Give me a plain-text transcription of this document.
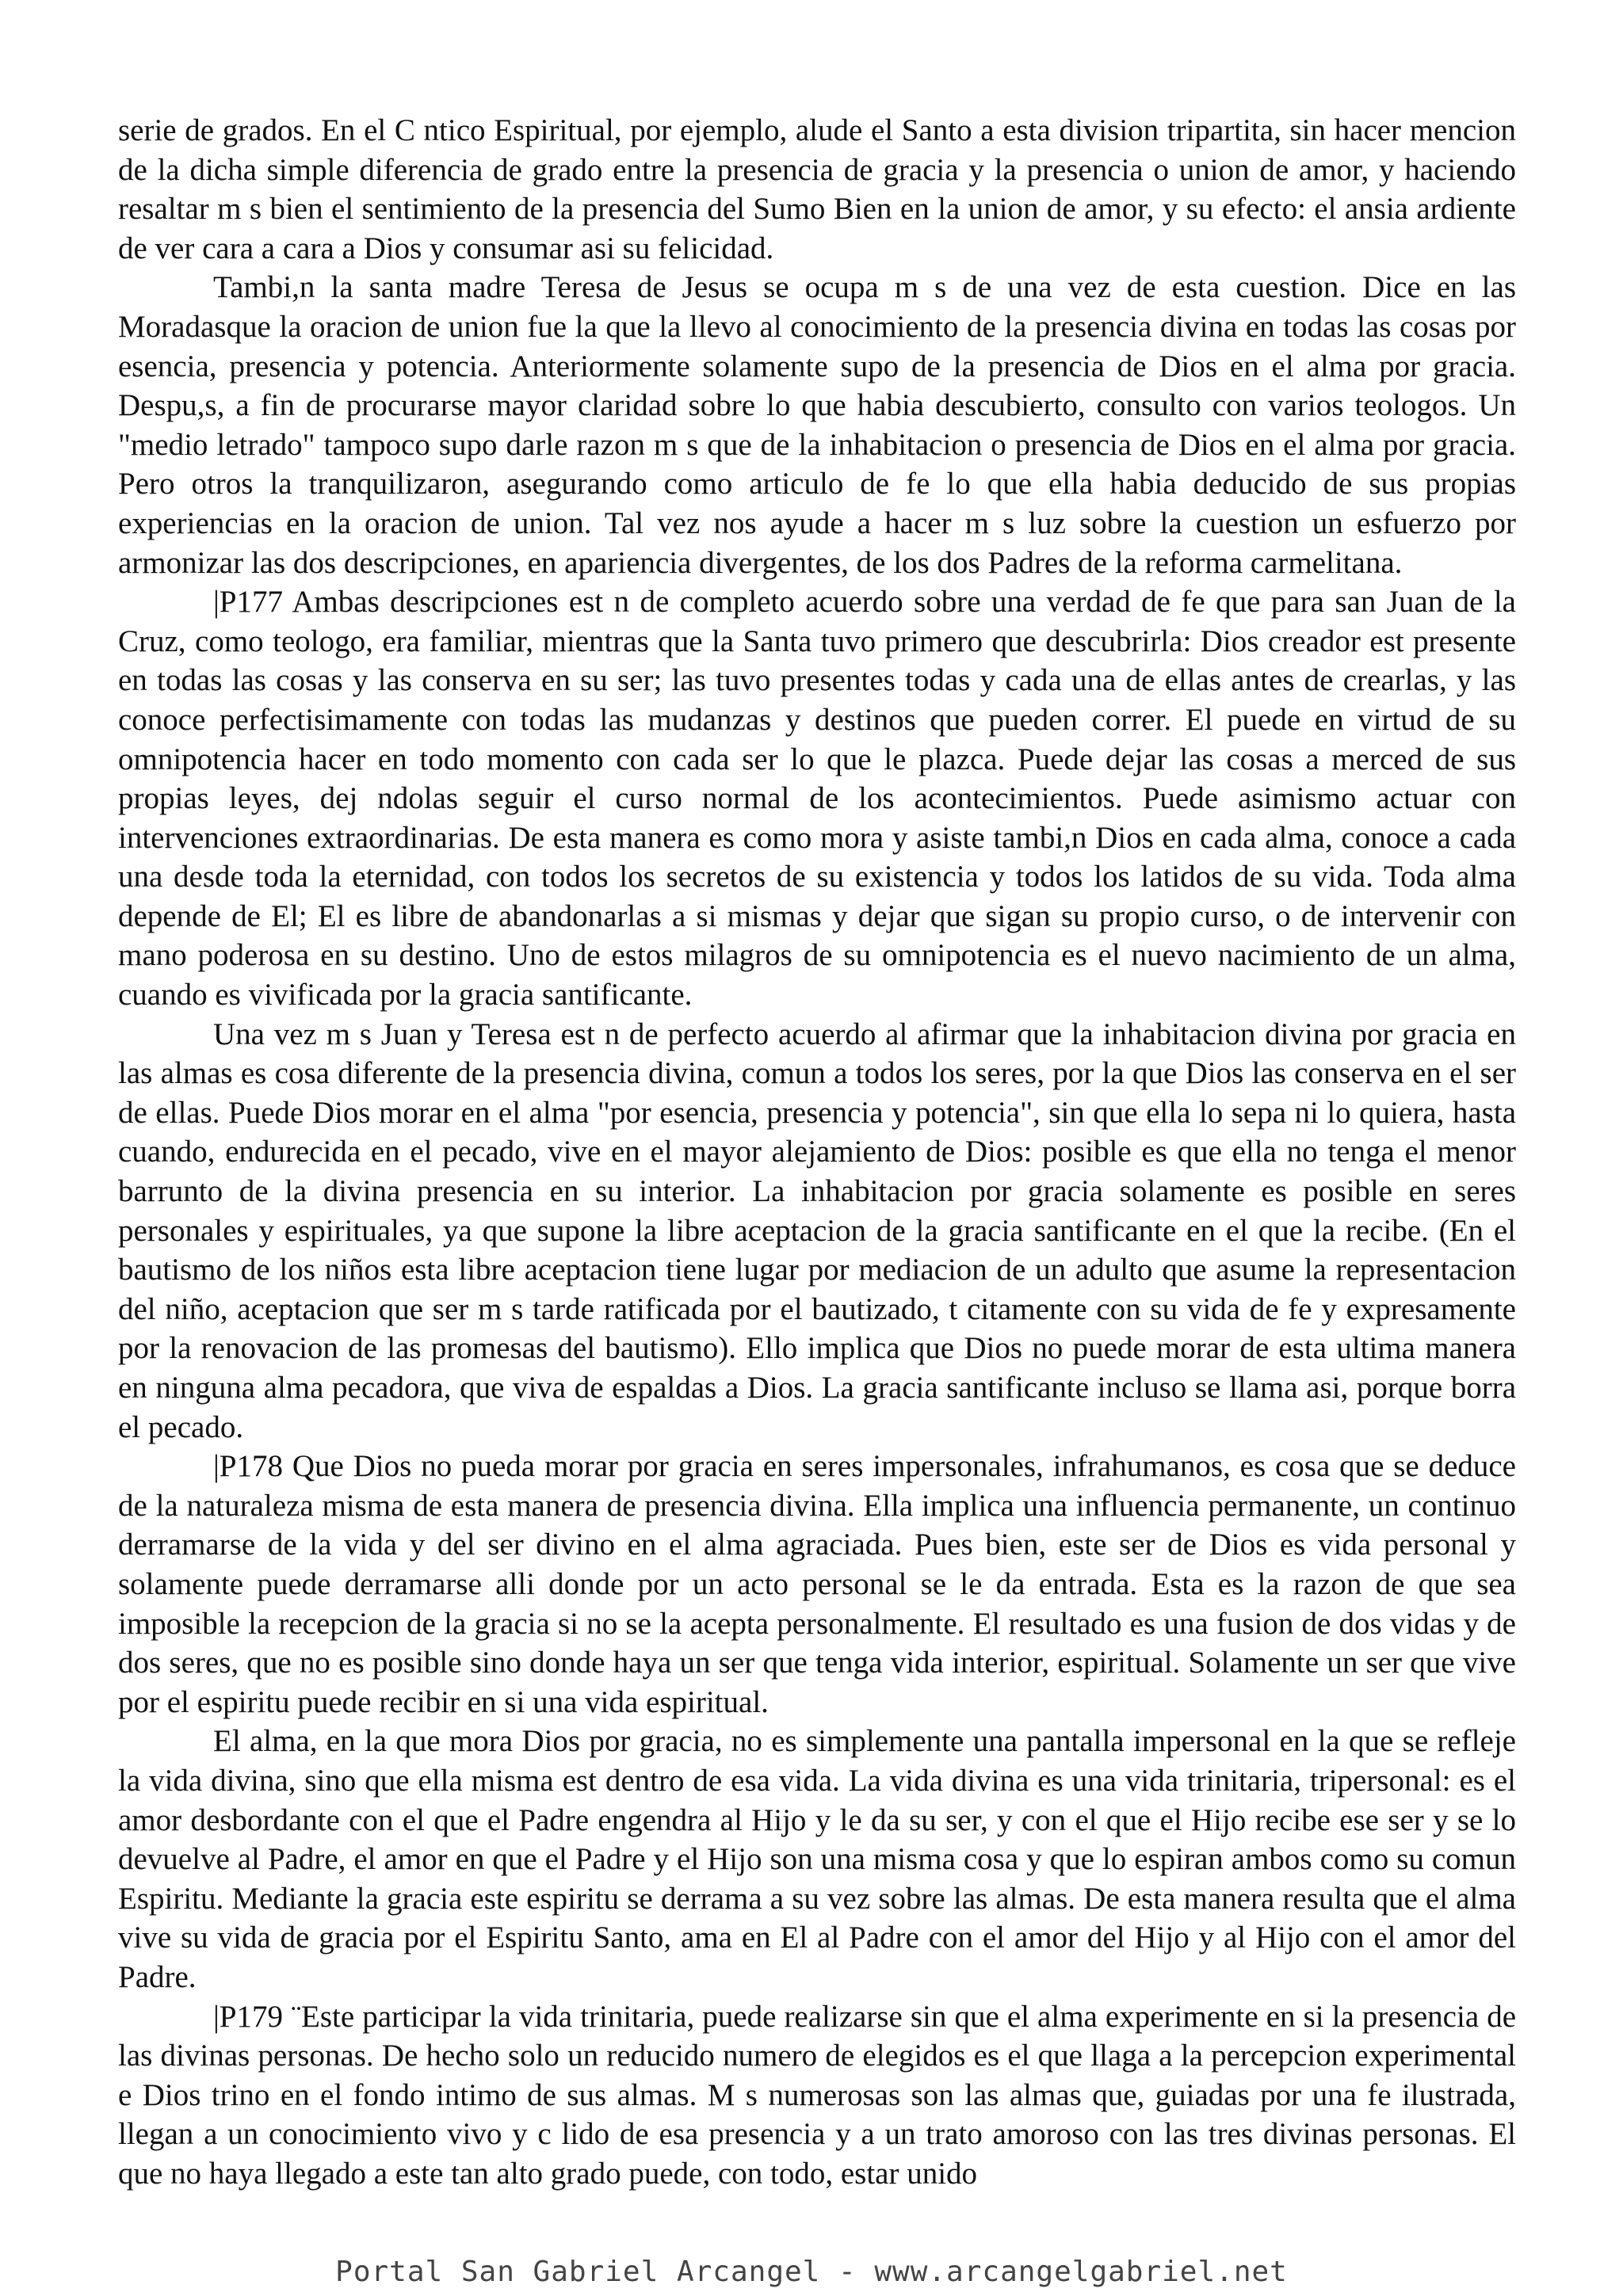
serie de grados. En el C ntico Espiritual, por ejemplo, alude el Santo a esta division tripartita, sin hacer mencion de la dicha simple diferencia de grado entre la presencia de gracia y la presencia o union de amor, y haciendo resaltar m s bien el sentimiento de la presencia del Sumo Bien en la union de amor, y su efecto: el ansia ardiente de ver cara a cara a Dios y consumar asi su felicidad.

Tambi,n la santa madre Teresa de Jesus se ocupa m s de una vez de esta cuestion. Dice en las Moradasque la oracion de union fue la que la llevo al conocimiento de la presencia divina en todas las cosas por esencia, presencia y potencia. Anteriormente solamente supo de la presencia de Dios en el alma por gracia. Despu,s, a fin de procurarse mayor claridad sobre lo que habia descubierto, consulto con varios teologos. Un "medio letrado" tampoco supo darle razon m s que de la inhabitacion o presencia de Dios en el alma por gracia. Pero otros la tranquilizaron, asegurando como articulo de fe lo que ella habia deducido de sus propias experiencias en la oracion de union. Tal vez nos ayude a hacer m s luz sobre la cuestion un esfuerzo por armonizar las dos descripciones, en apariencia divergentes, de los dos Padres de la reforma carmelitana.

|P177 Ambas descripciones est n de completo acuerdo sobre una verdad de fe que para san Juan de la Cruz, como teologo, era familiar, mientras que la Santa tuvo primero que descubrirla: Dios creador est presente en todas las cosas y las conserva en su ser; las tuvo presentes todas y cada una de ellas antes de crearlas, y las conoce perfectisimamente con todas las mudanzas y destinos que pueden correr. El puede en virtud de su omnipotencia hacer en todo momento con cada ser lo que le plazca. Puede dejar las cosas a merced de sus propias leyes, dej ndolas seguir el curso normal de los acontecimientos. Puede asimismo actuar con intervenciones extraordinarias. De esta manera es como mora y asiste tambi,n Dios en cada alma, conoce a cada una desde toda la eternidad, con todos los secretos de su existencia y todos los latidos de su vida. Toda alma depende de El; El es libre de abandonarlas a si mismas y dejar que sigan su propio curso, o de intervenir con mano poderosa en su destino. Uno de estos milagros de su omnipotencia es el nuevo nacimiento de un alma, cuando es vivificada por la gracia santificante.

Una vez m s Juan y Teresa est n de perfecto acuerdo al afirmar que la inhabitacion divina por gracia en las almas es cosa diferente de la presencia divina, comun a todos los seres, por la que Dios las conserva en el ser de ellas. Puede Dios morar en el alma "por esencia, presencia y potencia", sin que ella lo sepa ni lo quiera, hasta cuando, endurecida en el pecado, vive en el mayor alejamiento de Dios: posible es que ella no tenga el menor barrunto de la divina presencia en su interior. La inhabitacion por gracia solamente es posible en seres personales y espirituales, ya que supone la libre aceptacion de la gracia santificante en el que la recibe. (En el bautismo de los niños esta libre aceptacion tiene lugar por mediacion de un adulto que asume la representacion del niño, aceptacion que ser m s tarde ratificada por el bautizado, t citamente con su vida de fe y expresamente por la renovacion de las promesas del bautismo). Ello implica que Dios no puede morar de esta ultima manera en ninguna alma pecadora, que viva de espaldas a Dios. La gracia santificante incluso se llama asi, porque borra el pecado.

|P178 Que Dios no pueda morar por gracia en seres impersonales, infrahumanos, es cosa que se deduce de la naturaleza misma de esta manera de presencia divina. Ella implica una influencia permanente, un continuo derramarse de la vida y del ser divino en el alma agraciada. Pues bien, este ser de Dios es vida personal y solamente puede derramarse alli donde por un acto personal se le da entrada. Esta es la razon de que sea imposible la recepcion de la gracia si no se la acepta personalmente. El resultado es una fusion de dos vidas y de dos seres, que no es posible sino donde haya un ser que tenga vida interior, espiritual. Solamente un ser que vive por el espiritu puede recibir en si una vida espiritual.

El alma, en la que mora Dios por gracia, no es simplemente una pantalla impersonal en la que se refleje la vida divina, sino que ella misma est dentro de esa vida. La vida divina es una vida trinitaria, tripersonal: es el amor desbordante con el que el Padre engendra al Hijo y le da su ser, y con el que el Hijo recibe ese ser y se lo devuelve al Padre, el amor en que el Padre y el Hijo son una misma cosa y que lo espiran ambos como su comun Espiritu. Mediante la gracia este espiritu se derrama a su vez sobre las almas. De esta manera resulta que el alma vive su vida de gracia por el Espiritu Santo, ama en El al Padre con el amor del Hijo y al Hijo con el amor del Padre.

|P179 ¨Este participar la vida trinitaria, puede realizarse sin que el alma experimente en si la presencia de las divinas personas. De hecho solo un reducido numero de elegidos es el que llaga a la percepcion experimental e Dios trino en el fondo intimo de sus almas. M s numerosas son las almas que, guiadas por una fe ilustrada, llegan a un conocimiento vivo y c lido de esa presencia y a un trato amoroso con las tres divinas personas. El que no haya llegado a este tan alto grado puede, con todo, estar unido

Portal San Gabriel Arcangel - www.arcangelgabriel.net
